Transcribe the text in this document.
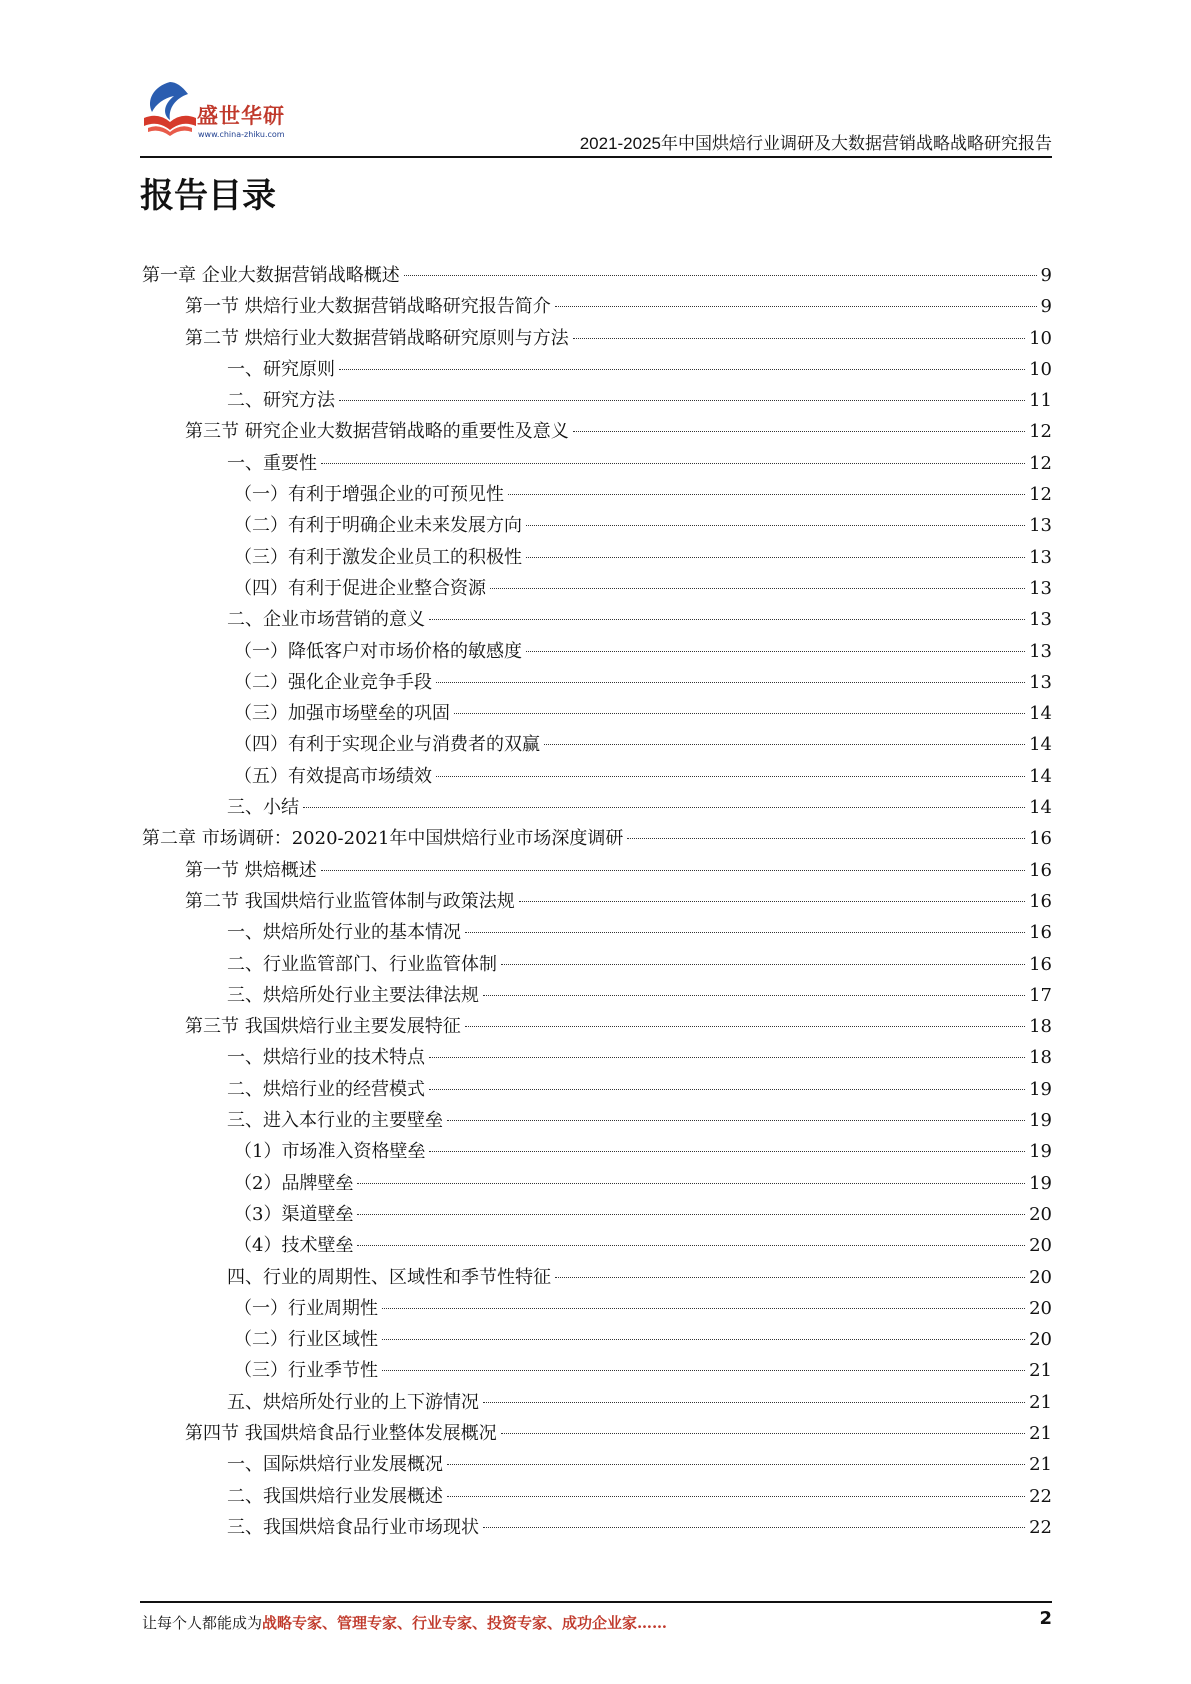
盛世华研
www.china-zhiku.com	2021-2025年中国烘焙行业调研及大数据营销战略战略研究报告
报告目录
第一章 企业大数据营销战略概述	9
第一节 烘焙行业大数据营销战略研究报告简介	9
第二节 烘焙行业大数据营销战略研究原则与方法	10
一、研究原则	10
二、研究方法	11
第三节 研究企业大数据营销战略的重要性及意义	12
一、重要性	12
（一）有利于增强企业的可预见性	12
（二）有利于明确企业未来发展方向	13
（三）有利于激发企业员工的积极性	13
（四）有利于促进企业整合资源	13
二、企业市场营销的意义	13
（一）降低客户对市场价格的敏感度	13
（二）强化企业竞争手段	13
（三）加强市场壁垒的巩固	14
（四）有利于实现企业与消费者的双赢	14
（五）有效提高市场绩效	14
三、小结	14
第二章 市场调研：2020-2021年中国烘焙行业市场深度调研	16
第一节 烘焙概述	16
第二节 我国烘焙行业监管体制与政策法规	16
一、烘焙所处行业的基本情况	16
二、行业监管部门、行业监管体制	16
三、烘焙所处行业主要法律法规	17
第三节 我国烘焙行业主要发展特征	18
一、烘焙行业的技术特点	18
二、烘焙行业的经营模式	19
三、进入本行业的主要壁垒	19
（1）市场准入资格壁垒	19
（2）品牌壁垒	19
（3）渠道壁垒	20
（4）技术壁垒	20
四、行业的周期性、区域性和季节性特征	20
（一）行业周期性	20
（二）行业区域性	20
（三）行业季节性	21
五、烘焙所处行业的上下游情况	21
第四节 我国烘焙食品行业整体发展概况	21
一、国际烘焙行业发展概况	21
二、我国烘焙行业发展概述	22
三、我国烘焙食品行业市场现状	22
让每个人都能成为战略专家、管理专家、行业专家、投资专家、成功企业家……	2
